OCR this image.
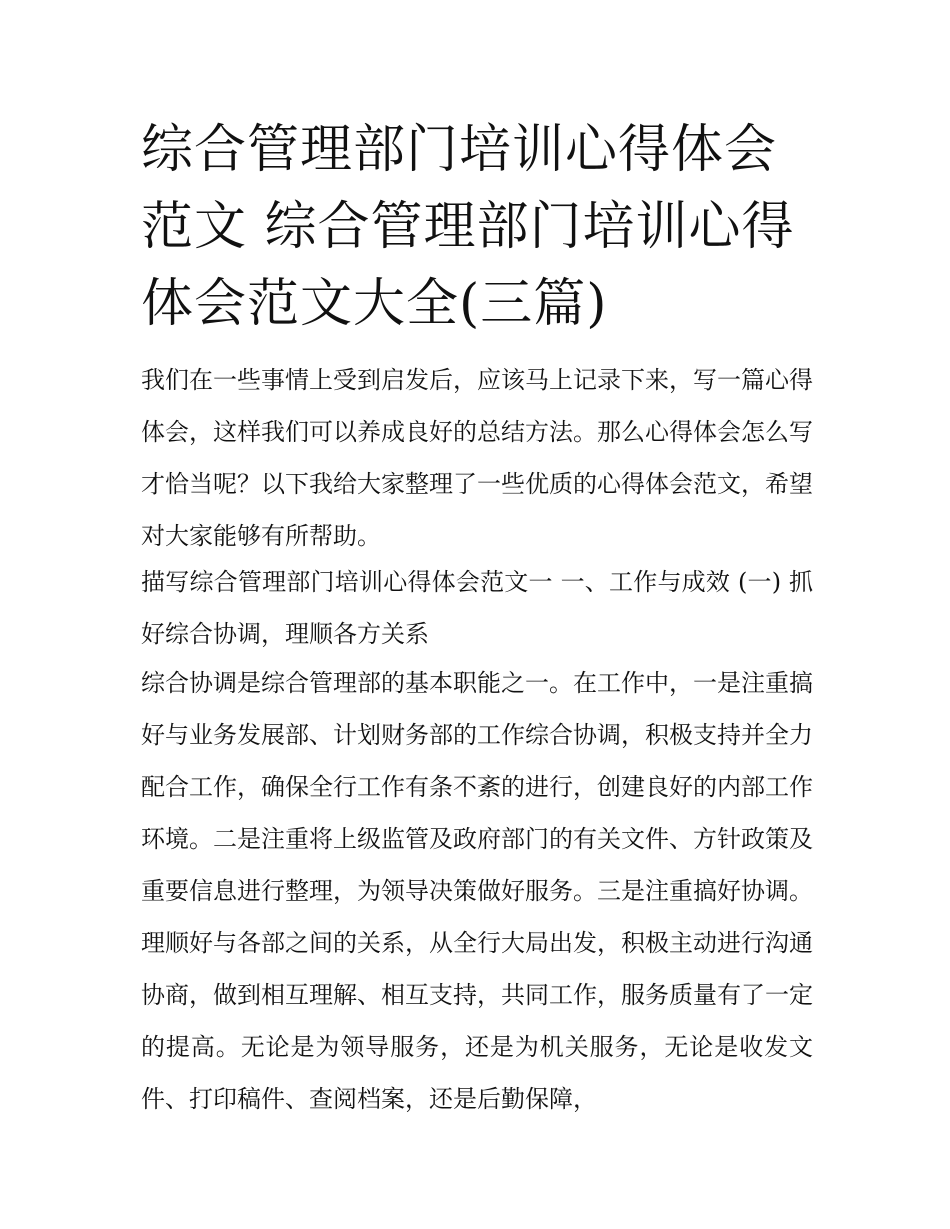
综合管理部门培训心得体会范文 综合管理部门培训心得体会范文大全(三篇)

我们在一些事情上受到启发后，应该马上记录下来，写一篇心得体会，这样我们可以养成良好的总结方法。那么心得体会怎么写才恰当呢？以下我给大家整理了一些优质的心得体会范文，希望对大家能够有所帮助。

描写综合管理部门培训心得体会范文一 一、工作与成效 (一) 抓好综合协调，理顺各方关系

综合协调是综合管理部的基本职能之一。在工作中，一是注重搞好与业务发展部、计划财务部的工作综合协调，积极支持并全力配合工作，确保全行工作有条不紊的进行，创建良好的内部工作环境。二是注重将上级监管及政府部门的有关文件、方针政策及重要信息进行整理，为领导决策做好服务。三是注重搞好协调。理顺好与各部之间的关系，从全行大局出发，积极主动进行沟通协商，做到相互理解、相互支持，共同工作，服务质量有了一定的提高。无论是为领导服务，还是为机关服务，无论是收发文件、打印稿件、查阅档案，还是后勤保障，
